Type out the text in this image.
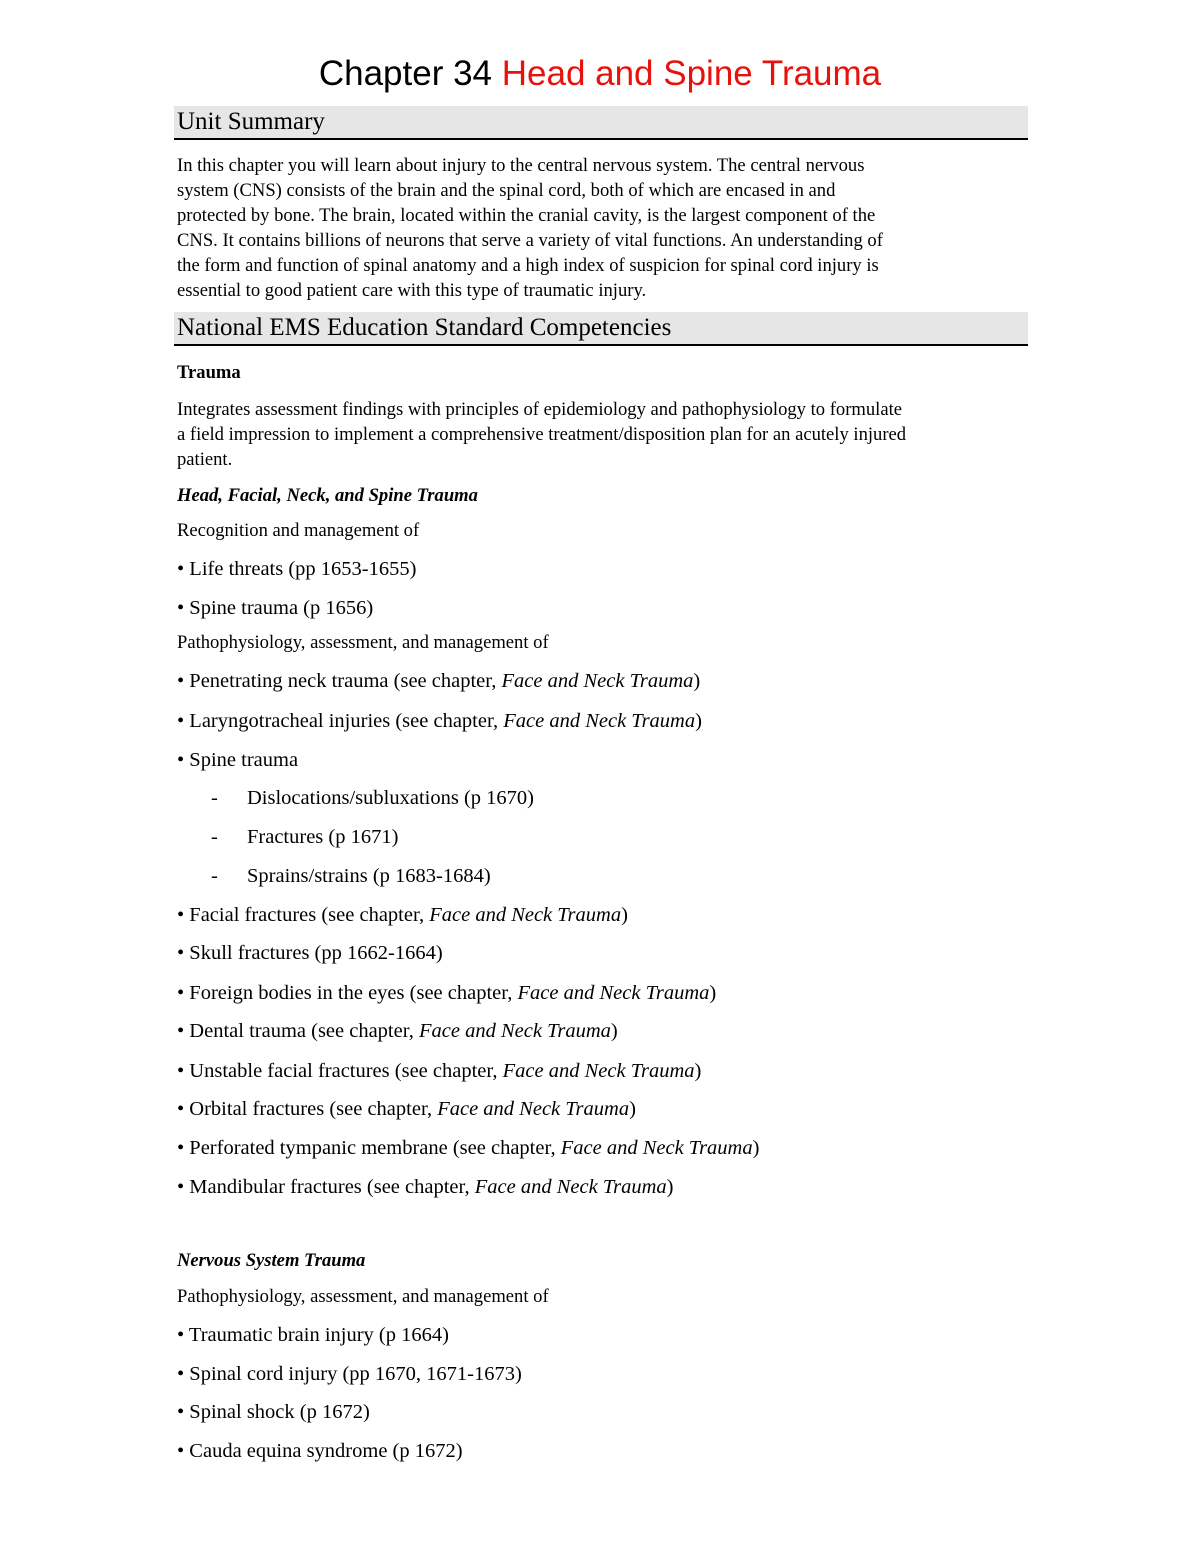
Chapter 34 Head and Spine Trauma
Unit Summary
In this chapter you will learn about injury to the central nervous system. The central nervous
system (CNS) consists of the brain and the spinal cord, both of which are encased in and
protected by bone. The brain, located within the cranial cavity, is the largest component of the
CNS. It contains billions of neurons that serve a variety of vital functions. An understanding of
the form and function of spinal anatomy and a high index of suspicion for spinal cord injury is
essential to good patient care with this type of traumatic injury.
National EMS Education Standard Competencies
Trauma
Integrates assessment findings with principles of epidemiology and pathophysiology to formulate
a field impression to implement a comprehensive treatment/disposition plan for an acutely injured
patient.
Head, Facial, Neck, and Spine Trauma
Recognition and management of
• Life threats (pp 1653-1655)
• Spine trauma (p 1656)
Pathophysiology, assessment, and management of
• Penetrating neck trauma (see chapter, Face and Neck Trauma)
• Laryngotracheal injuries (see chapter, Face and Neck Trauma)
• Spine trauma
- Dislocations/subluxations (p 1670)
- Fractures (p 1671)
- Sprains/strains (p 1683-1684)
• Facial fractures (see chapter, Face and Neck Trauma)
• Skull fractures (pp 1662-1664)
• Foreign bodies in the eyes (see chapter, Face and Neck Trauma)
• Dental trauma (see chapter, Face and Neck Trauma)
• Unstable facial fractures (see chapter, Face and Neck Trauma)
• Orbital fractures (see chapter, Face and Neck Trauma)
• Perforated tympanic membrane (see chapter, Face and Neck Trauma)
• Mandibular fractures (see chapter, Face and Neck Trauma)
Nervous System Trauma
Pathophysiology, assessment, and management of
• Traumatic brain injury (p 1664)
• Spinal cord injury (pp 1670, 1671-1673)
• Spinal shock (p 1672)
• Cauda equina syndrome (p 1672)
